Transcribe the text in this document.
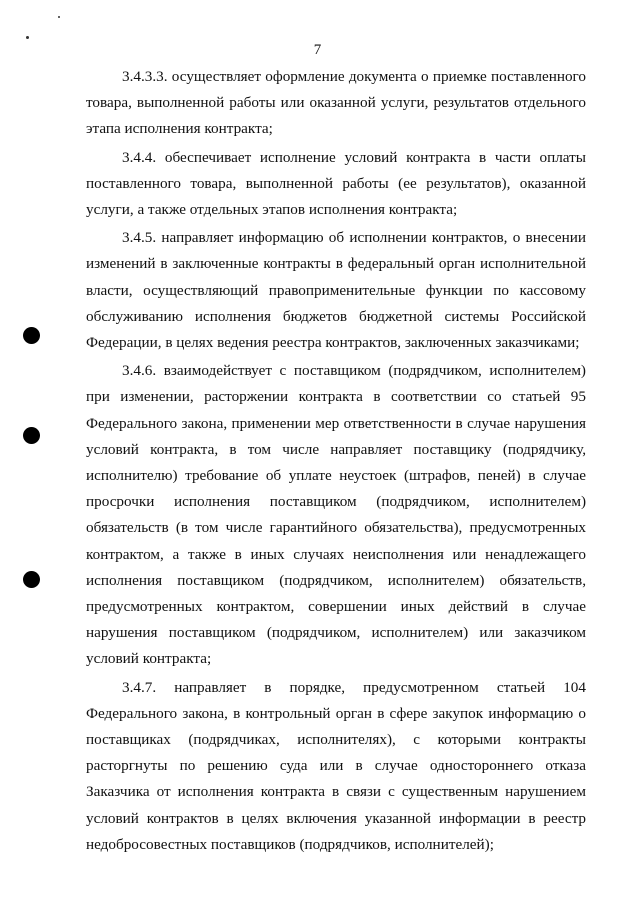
7

3.4.3.3. осуществляет оформление документа о приемке поставленного товара, выполненной работы или оказанной услуги, результатов отдельного этапа исполнения контракта;

3.4.4. обеспечивает исполнение условий контракта в части оплаты поставленного товара, выполненной работы (ее результатов), оказанной услуги, а также отдельных этапов исполнения контракта;

3.4.5. направляет информацию об исполнении контрактов, о внесении изменений в заключенные контракты в федеральный орган исполнительной власти, осуществляющий правоприменительные функции по кассовому обслуживанию исполнения бюджетов бюджетной системы Российской Федерации, в целях ведения реестра контрактов, заключенных заказчиками;

3.4.6. взаимодействует с поставщиком (подрядчиком, исполнителем) при изменении, расторжении контракта в соответствии со статьей 95 Федерального закона, применении мер ответственности в случае нарушения условий контракта, в том числе направляет поставщику (подрядчику, исполнителю) требование об уплате неустоек (штрафов, пеней) в случае просрочки исполнения поставщиком (подрядчиком, исполнителем) обязательств (в том числе гарантийного обязательства), предусмотренных контрактом, а также в иных случаях неисполнения или ненадлежащего исполнения поставщиком (подрядчиком, исполнителем) обязательств, предусмотренных контрактом, совершении иных действий в случае нарушения поставщиком (подрядчиком, исполнителем) или заказчиком условий контракта;

3.4.7. направляет в порядке, предусмотренном статьей 104 Федерального закона, в контрольный орган в сфере закупок информацию о поставщиках (подрядчиках, исполнителях), с которыми контракты расторгнуты по решению суда или в случае одностороннего отказа Заказчика от исполнения контракта в связи с существенным нарушением условий контрактов в целях включения указанной информации в реестр недобросовестных поставщиков (подрядчиков, исполнителей);
